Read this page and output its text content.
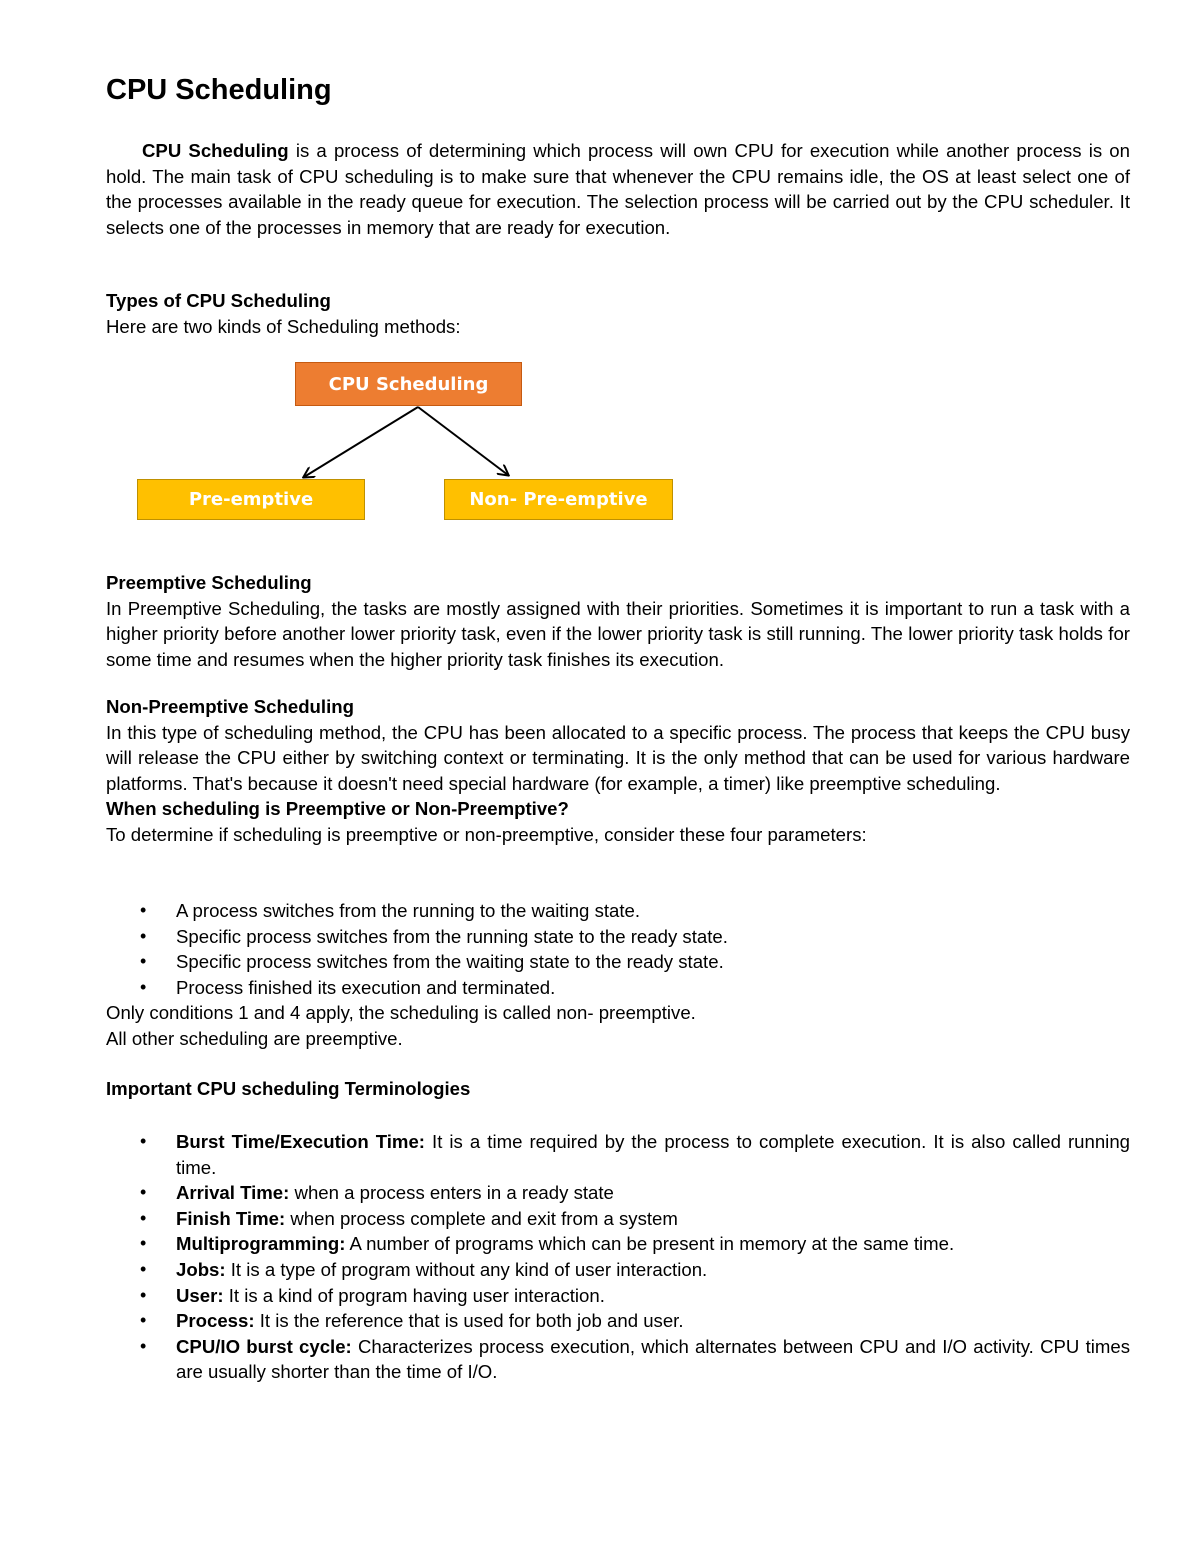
CPU Scheduling

CPU Scheduling is a process of determining which process will own CPU for execution while another process is on hold. The main task of CPU scheduling is to make sure that whenever the CPU remains idle, the OS at least select one of the processes available in the ready queue for execution. The selection process will be carried out by the CPU scheduler. It selects one of the processes in memory that are ready for execution.

Types of CPU Scheduling

Here are two kinds of Scheduling methods:

Preemptive Scheduling

In Preemptive Scheduling, the tasks are mostly assigned with their priorities. Sometimes it is important to run a task with a higher priority before another lower priority task, even if the lower priority task is still running. The lower priority task holds for some time and resumes when the higher priority task finishes its execution.

Non-Preemptive Scheduling

In this type of scheduling method, the CPU has been allocated to a specific process. The process that keeps the CPU busy will release the CPU either by switching context or terminating. It is the only method that can be used for various hardware platforms. That's because it doesn't need special hardware (for example, a timer) like preemptive scheduling.

When scheduling is Preemptive or Non-Preemptive?

To determine if scheduling is preemptive or non-preemptive, consider these four parameters:

• A process switches from the running to the waiting state.
• Specific process switches from the running state to the ready state.
• Specific process switches from the waiting state to the ready state.
• Process finished its execution and terminated.

Only conditions 1 and 4 apply, the scheduling is called non- preemptive.

All other scheduling are preemptive.

Important CPU scheduling Terminologies

• Burst Time/Execution Time: It is a time required by the process to complete execution. It is also called running time.
• Arrival Time: when a process enters in a ready state
• Finish Time: when process complete and exit from a system
• Multiprogramming: A number of programs which can be present in memory at the same time.
• Jobs: It is a type of program without any kind of user interaction.
• User: It is a kind of program having user interaction.
• Process: It is the reference that is used for both job and user.
• CPU/IO burst cycle: Characterizes process execution, which alternates between CPU and I/O activity. CPU times are usually shorter than the time of I/O.
CPU Scheduling
Pre-emptive	Non- Pre-emptive
